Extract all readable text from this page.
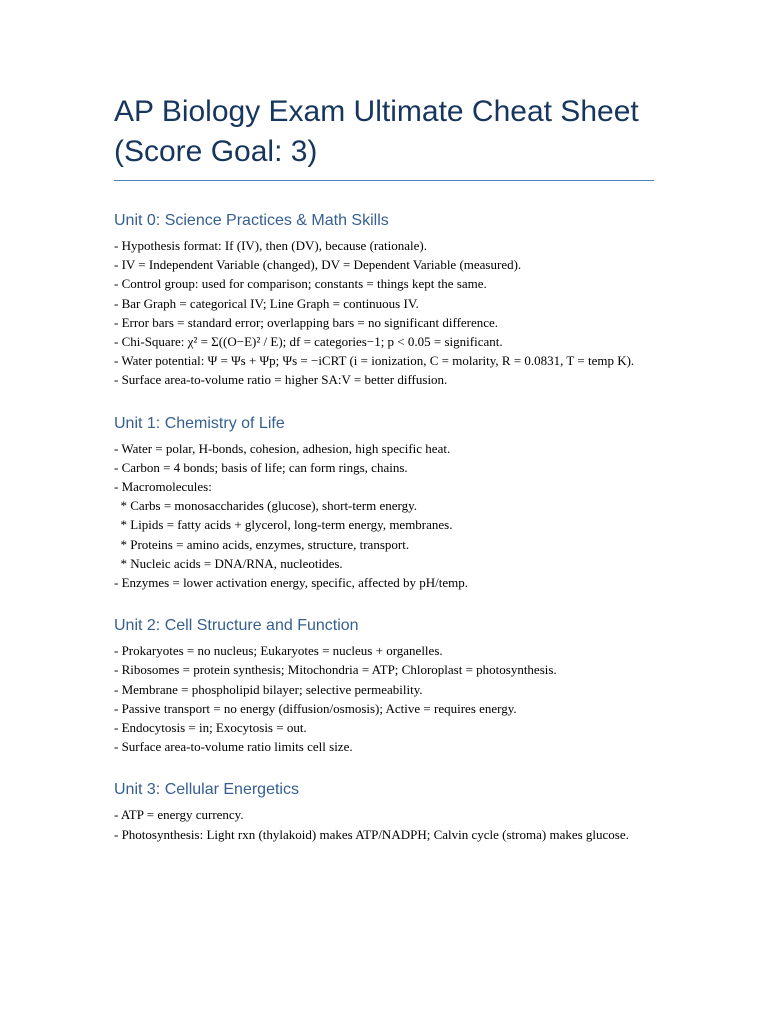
AP Biology Exam Ultimate Cheat Sheet
(Score Goal: 3)
Unit 0: Science Practices & Math Skills

- Hypothesis format: If (IV), then (DV), because (rationale).

- IV = Independent Variable (changed), DV = Dependent Variable (measured).

- Control group: used for comparison; constants = things kept the same.

- Bar Graph = categorical IV; Line Graph = continuous IV.

- Error bars = standard error; overlapping bars = no significant difference.

- Chi-Square: χ² = Σ((O−E)² / E); df = categories−1; p < 0.05 = significant.

- Water potential: Ψ = Ψs + Ψp; Ψs = −iCRT (i = ionization, C = molarity, R = 0.0831, T = temp K).

- Surface area-to-volume ratio = higher SA:V = better diffusion.

Unit 1: Chemistry of Life

- Water = polar, H-bonds, cohesion, adhesion, high specific heat.

- Carbon = 4 bonds; basis of life; can form rings, chains.

- Macromolecules:

* Carbs = monosaccharides (glucose), short-term energy.

* Lipids = fatty acids + glycerol, long-term energy, membranes.

* Proteins = amino acids, enzymes, structure, transport.

* Nucleic acids = DNA/RNA, nucleotides.

- Enzymes = lower activation energy, specific, affected by pH/temp.

Unit 2: Cell Structure and Function

- Prokaryotes = no nucleus; Eukaryotes = nucleus + organelles.

- Ribosomes = protein synthesis; Mitochondria = ATP; Chloroplast = photosynthesis.

- Membrane = phospholipid bilayer; selective permeability.

- Passive transport = no energy (diffusion/osmosis); Active = requires energy.

- Endocytosis = in; Exocytosis = out.

- Surface area-to-volume ratio limits cell size.

Unit 3: Cellular Energetics

- ATP = energy currency.

- Photosynthesis: Light rxn (thylakoid) makes ATP/NADPH; Calvin cycle (stroma) makes glucose.
